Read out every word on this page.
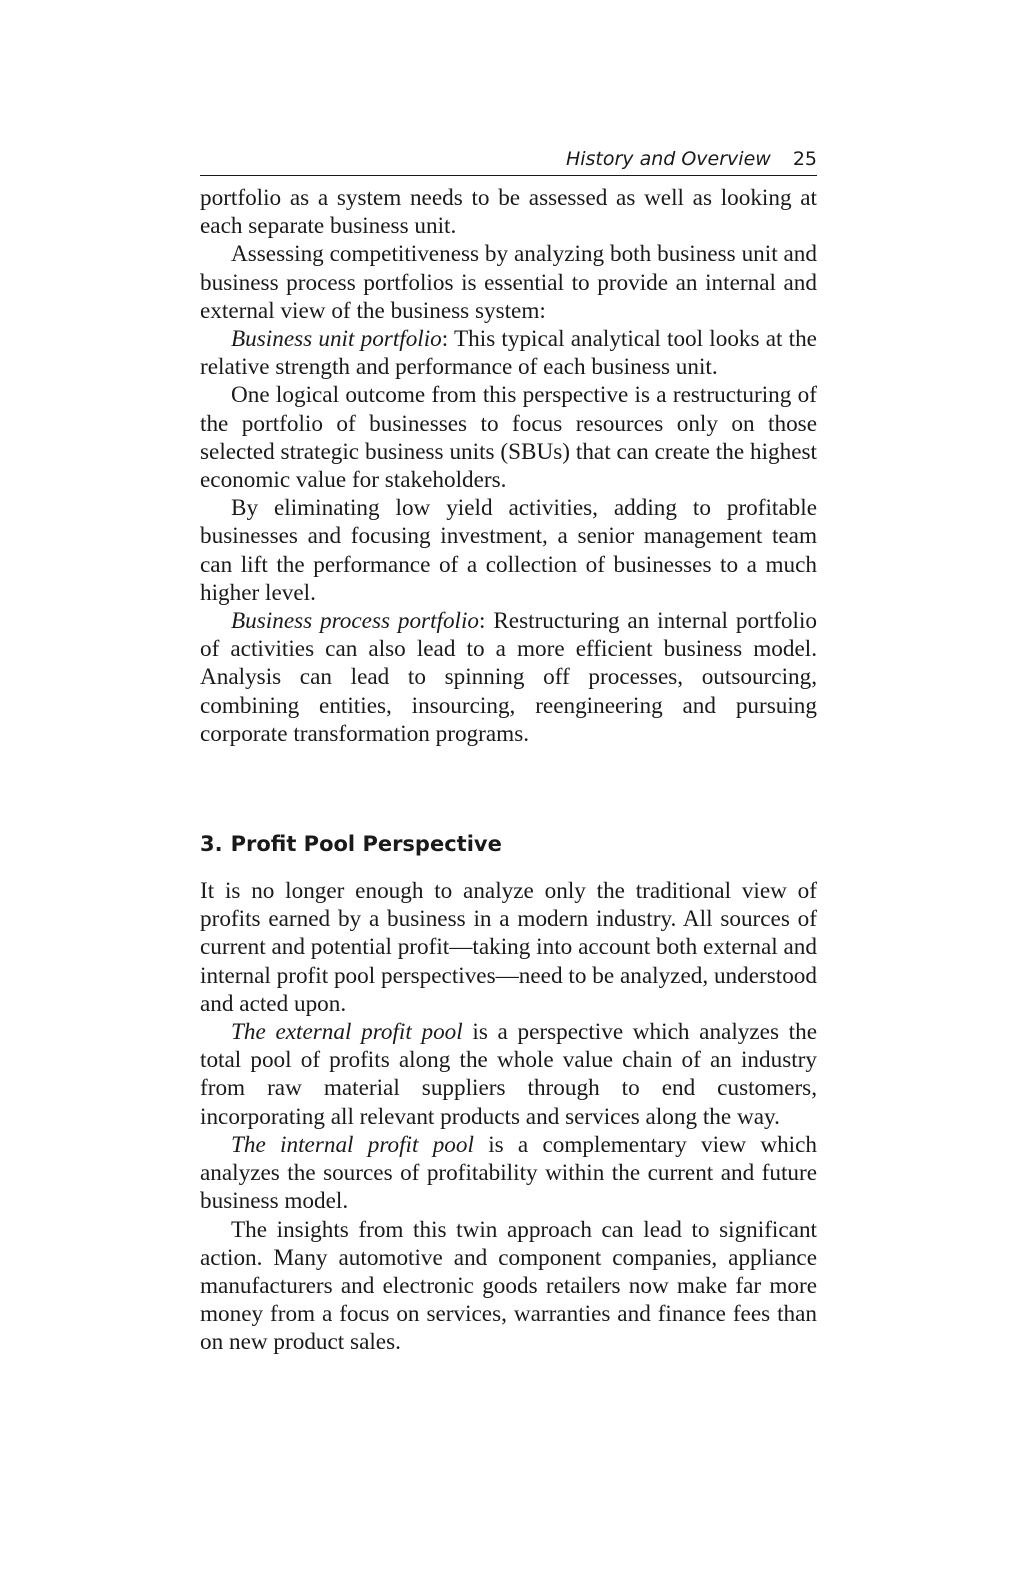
History and Overview 25

portfolio as a system needs to be assessed as well as looking at each separate business unit.

Assessing competitiveness by analyzing both business unit and business process portfolios is essential to provide an internal and external view of the business system:

Business unit portfolio: This typical analytical tool looks at the relative strength and performance of each business unit.

One logical outcome from this perspective is a restructuring of the portfolio of businesses to focus resources only on those selected strategic business units (SBUs) that can create the highest economic value for stakeholders.

By eliminating low yield activities, adding to profitable businesses and focusing investment, a senior management team can lift the performance of a collection of businesses to a much higher level.

Business process portfolio: Restructuring an internal portfolio of activities can also lead to a more efficient business model. Analysis can lead to spinning off processes, outsourcing, combining entities, insourcing, reengineering and pursuing corporate transformation programs.

3. Profit Pool Perspective

It is no longer enough to analyze only the traditional view of profits earned by a business in a modern industry. All sources of current and potential profit—taking into account both external and internal profit pool perspectives—need to be analyzed, understood and acted upon.

The external profit pool is a perspective which analyzes the total pool of profits along the whole value chain of an industry from raw material suppliers through to end customers, incorporating all relevant products and services along the way.

The internal profit pool is a complementary view which analyzes the sources of profitability within the current and future business model.

The insights from this twin approach can lead to significant action. Many automotive and component companies, appliance manufacturers and electronic goods retailers now make far more money from a focus on services, warranties and finance fees than on new product sales.
